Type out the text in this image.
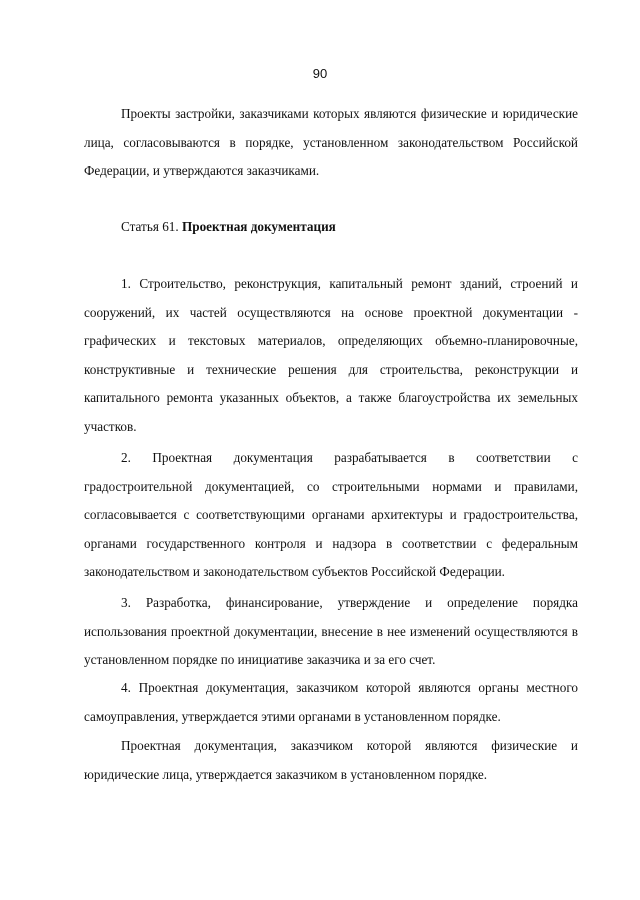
90

Проекты застройки, заказчиками которых являются физические и юридические лица, согласовываются в порядке, установленном законодательством Российской Федерации, и утверждаются заказчиками.

Статья 61. Проектная документация

1. Строительство, реконструкция, капитальный ремонт зданий, строений и сооружений, их частей осуществляются на основе проектной документации - графических и текстовых материалов, определяющих объемно-планировочные, конструктивные и технические решения для строительства, реконструкции и капитального ремонта указанных объектов, а также благоустройства их земельных участков.

2. Проектная документация разрабатывается в соответствии с градостроительной документацией, со строительными нормами и правилами, согласовывается с соответствующими органами архитектуры и градостроительства, органами государственного контроля и надзора в соответствии с федеральным законодательством и законодательством субъектов Российской Федерации.

3. Разработка, финансирование, утверждение и определение порядка использования проектной документации, внесение в нее изменений осуществляются в установленном порядке по инициативе заказчика и за его счет.

4. Проектная документация, заказчиком которой являются органы местного самоуправления, утверждается этими органами в установленном порядке.

Проектная документация, заказчиком которой являются физические и юридические лица, утверждается заказчиком в установленном порядке.
